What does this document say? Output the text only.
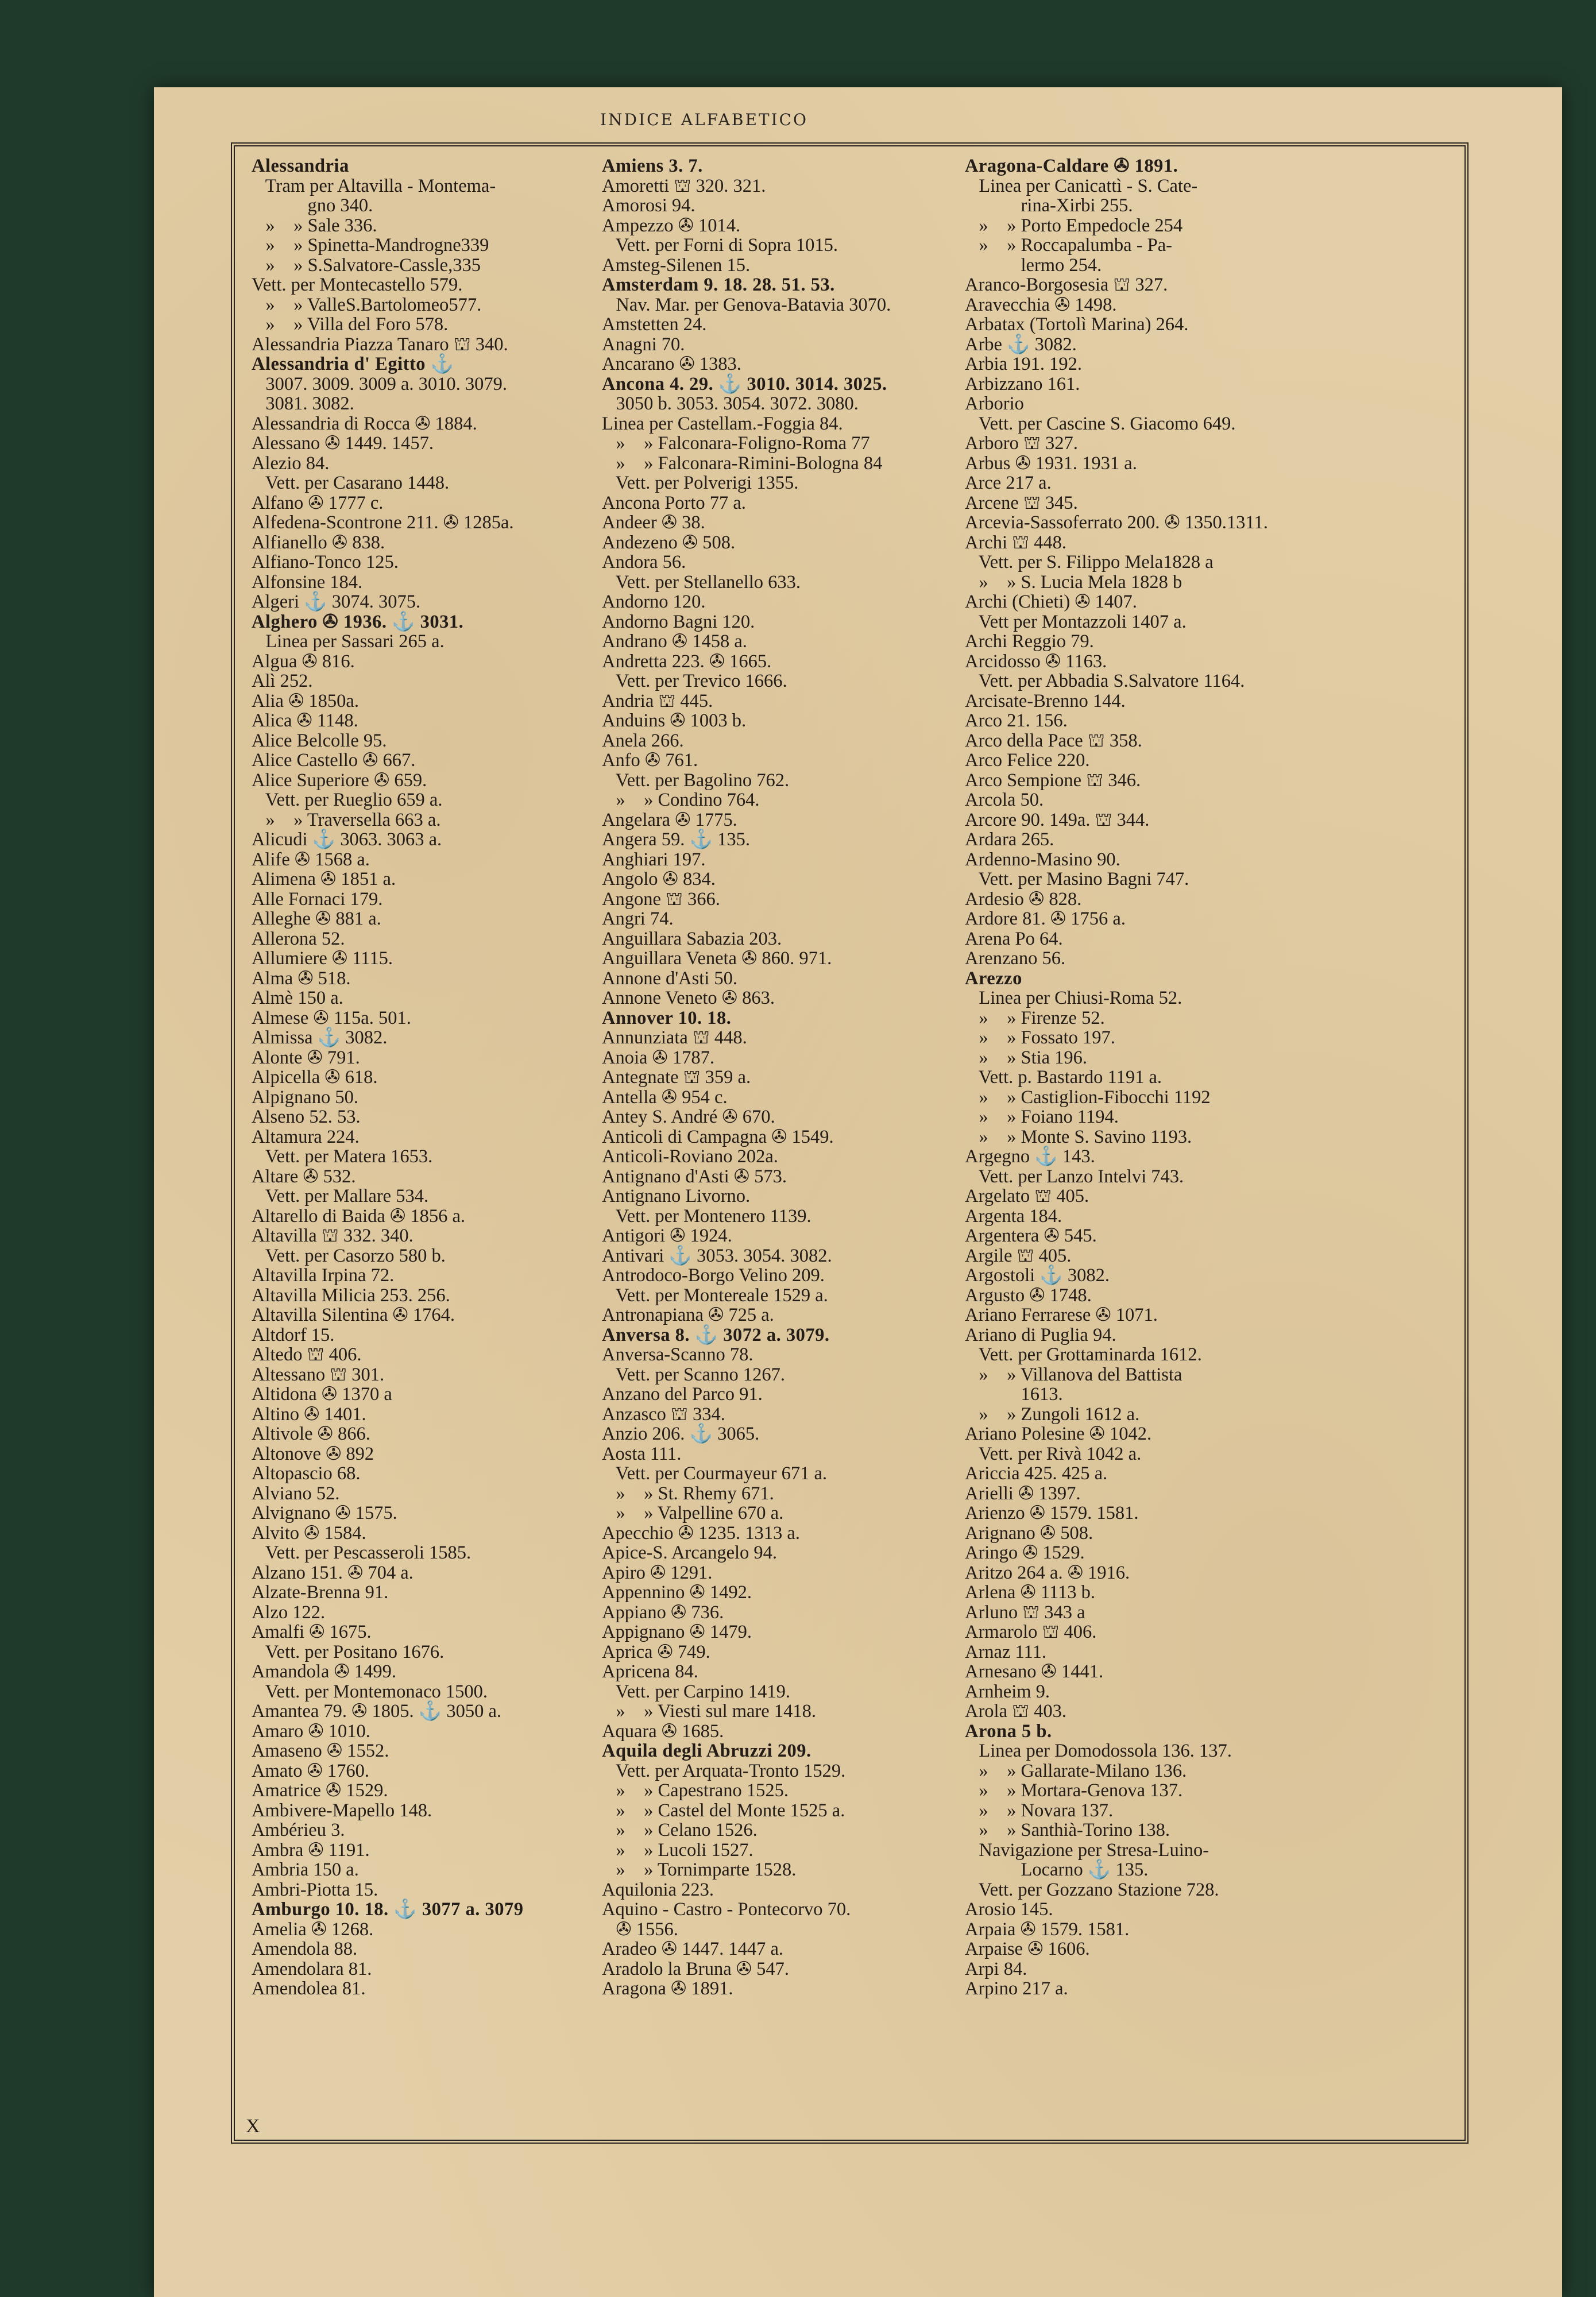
INDICE ALFABETICO
Alessandria
Tram per Altavilla - Montema-
gno 340.
»    » Sale 336.
»    » Spinetta-Mandrogne339
»    » S.Salvatore-Cassle,335
Vett. per Montecastello 579.
»    » ValleS.Bartolomeo577.
»    » Villa del Foro 578.
Alessandria Piazza Tanaro ⛫ 340.
Alessandria d' Egitto ⚓
3007. 3009. 3009 a. 3010. 3079.
3081. 3082.
Alessandria di Rocca ✇ 1884.
Alessano ✇ 1449. 1457.
Alezio 84.
Vett. per Casarano 1448.
Alfano ✇ 1777 c.
Alfedena-Scontrone 211. ✇ 1285a.
Alfianello ✇ 838.
Alfiano-Tonco 125.
Alfonsine 184.
Algeri ⚓ 3074. 3075.
Alghero ✇ 1936. ⚓ 3031.
Linea per Sassari 265 a.
Algua ✇ 816.
Alì 252.
Alia ✇ 1850a.
Alica ✇ 1148.
Alice Belcolle 95.
Alice Castello ✇ 667.
Alice Superiore ✇ 659.
Vett. per Rueglio 659 a.
»    » Traversella 663 a.
Alicudi ⚓ 3063. 3063 a.
Alife ✇ 1568 a.
Alimena ✇ 1851 a.
Alle Fornaci 179.
Alleghe ✇ 881 a.
Allerona 52.
Allumiere ✇ 1115.
Alma ✇ 518.
Almè 150 a.
Almese ✇ 115a. 501.
Almissa ⚓ 3082.
Alonte ✇ 791.
Alpicella ✇ 618.
Alpignano 50.
Alseno 52. 53.
Altamura 224.
Vett. per Matera 1653.
Altare ✇ 532.
Vett. per Mallare 534.
Altarello di Baida ✇ 1856 a.
Altavilla ⛫ 332. 340.
Vett. per Casorzo 580 b.
Altavilla Irpina 72.
Altavilla Milicia 253. 256.
Altavilla Silentina ✇ 1764.
Altdorf 15.
Altedo ⛫ 406.
Altessano ⛫ 301.
Altidona ✇ 1370 a
Altino ✇ 1401.
Altivole ✇ 866.
Altonove ✇ 892
Altopascio 68.
Alviano 52.
Alvignano ✇ 1575.
Alvito ✇ 1584.
Vett. per Pescasseroli 1585.
Alzano 151. ✇ 704 a.
Alzate-Brenna 91.
Alzo 122.
Amalfi ✇ 1675.
Vett. per Positano 1676.
Amandola ✇ 1499.
Vett. per Montemonaco 1500.
Amantea 79. ✇ 1805. ⚓ 3050 a.
Amaro ✇ 1010.
Amaseno ✇ 1552.
Amato ✇ 1760.
Amatrice ✇ 1529.
Ambivere-Mapello 148.
Ambérieu 3.
Ambra ✇ 1191.
Ambria 150 a.
Ambri-Piotta 15.
Amburgo 10. 18. ⚓ 3077 a. 3079
Amelia ✇ 1268.
Amendola 88.
Amendolara 81.
Amendolea 81.
Amiens 3. 7.
Amoretti ⛫ 320. 321.
Amorosi 94.
Ampezzo ✇ 1014.
Vett. per Forni di Sopra 1015.
Amsteg-Silenen 15.
Amsterdam 9. 18. 28. 51. 53.
Nav. Mar. per Genova-Batavia 3070.
Amstetten 24.
Anagni 70.
Ancarano ✇ 1383.
Ancona 4. 29. ⚓ 3010. 3014. 3025.
3050 b. 3053. 3054. 3072. 3080.
Linea per Castellam.-Foggia 84.
»    » Falconara-Foligno-Roma 77
»    » Falconara-Rimini-Bologna 84
Vett. per Polverigi 1355.
Ancona Porto 77 a.
Andeer ✇ 38.
Andezeno ✇ 508.
Andora 56.
Vett. per Stellanello 633.
Andorno 120.
Andorno Bagni 120.
Andrano ✇ 1458 a.
Andretta 223. ✇ 1665.
Vett. per Trevico 1666.
Andria ⛫ 445.
Anduins ✇ 1003 b.
Anela 266.
Anfo ✇ 761.
Vett. per Bagolino 762.
»    » Condino 764.
Angelara ✇ 1775.
Angera 59. ⚓ 135.
Anghiari 197.
Angolo ✇ 834.
Angone ⛫ 366.
Angri 74.
Anguillara Sabazia 203.
Anguillara Veneta ✇ 860. 971.
Annone d'Asti 50.
Annone Veneto ✇ 863.
Annover 10. 18.
Annunziata ⛫ 448.
Anoia ✇ 1787.
Antegnate ⛫ 359 a.
Antella ✇ 954 c.
Antey S. André ✇ 670.
Anticoli di Campagna ✇ 1549.
Anticoli-Roviano 202a.
Antignano d'Asti ✇ 573.
Antignano Livorno.
Vett. per Montenero 1139.
Antigori ✇ 1924.
Antivari ⚓ 3053. 3054. 3082.
Antrodoco-Borgo Velino 209.
Vett. per Montereale 1529 a.
Antronapiana ✇ 725 a.
Anversa 8. ⚓ 3072 a. 3079.
Anversa-Scanno 78.
Vett. per Scanno 1267.
Anzano del Parco 91.
Anzasco ⛫ 334.
Anzio 206. ⚓ 3065.
Aosta 111.
Vett. per Courmayeur 671 a.
»    » St. Rhemy 671.
»    » Valpelline 670 a.
Apecchio ✇ 1235. 1313 a.
Apice-S. Arcangelo 94.
Apiro ✇ 1291.
Appennino ✇ 1492.
Appiano ✇ 736.
Appignano ✇ 1479.
Aprica ✇ 749.
Apricena 84.
Vett. per Carpino 1419.
»    » Viesti sul mare 1418.
Aquara ✇ 1685.
Aquila degli Abruzzi 209.
Vett. per Arquata-Tronto 1529.
»    » Capestrano 1525.
»    » Castel del Monte 1525 a.
»    » Celano 1526.
»    » Lucoli 1527.
»    » Tornimparte 1528.
Aquilonia 223.
Aquino - Castro - Pontecorvo 70.
✇ 1556.
Aradeo ✇ 1447. 1447 a.
Aradolo la Bruna ✇ 547.
Aragona ✇ 1891.
Aragona-Caldare ✇ 1891.
Linea per Canicattì - S. Cate-
rina-Xirbi 255.
»    » Porto Empedocle 254
»    » Roccapalumba - Pa-
lermo 254.
Aranco-Borgosesia ⛫ 327.
Aravecchia ✇ 1498.
Arbatax (Tortolì Marina) 264.
Arbe ⚓ 3082.
Arbia 191. 192.
Arbizzano 161.
Arborio
Vett. per Cascine S. Giacomo 649.
Arboro ⛫ 327.
Arbus ✇ 1931. 1931 a.
Arce 217 a.
Arcene ⛫ 345.
Arcevia-Sassoferrato 200. ✇ 1350.1311.
Archi ⛫ 448.
Vett. per S. Filippo Mela1828 a
»    » S. Lucia Mela 1828 b
Archi (Chieti) ✇ 1407.
Vett per Montazzoli 1407 a.
Archi Reggio 79.
Arcidosso ✇ 1163.
Vett. per Abbadia S.Salvatore 1164.
Arcisate-Brenno 144.
Arco 21. 156.
Arco della Pace ⛫ 358.
Arco Felice 220.
Arco Sempione ⛫ 346.
Arcola 50.
Arcore 90. 149a. ⛫ 344.
Ardara 265.
Ardenno-Masino 90.
Vett. per Masino Bagni 747.
Ardesio ✇ 828.
Ardore 81. ✇ 1756 a.
Arena Po 64.
Arenzano 56.
Arezzo
Linea per Chiusi-Roma 52.
»    » Firenze 52.
»    » Fossato 197.
»    » Stia 196.
Vett. p. Bastardo 1191 a.
»    » Castiglion-Fibocchi 1192
»    » Foiano 1194.
»    » Monte S. Savino 1193.
Argegno ⚓ 143.
Vett. per Lanzo Intelvi 743.
Argelato ⛫ 405.
Argenta 184.
Argentera ✇ 545.
Argile ⛫ 405.
Argostoli ⚓ 3082.
Argusto ✇ 1748.
Ariano Ferrarese ✇ 1071.
Ariano di Puglia 94.
Vett. per Grottaminarda 1612.
»    » Villanova del Battista
1613.
»    » Zungoli 1612 a.
Ariano Polesine ✇ 1042.
Vett. per Rivà 1042 a.
Ariccia 425. 425 a.
Arielli ✇ 1397.
Arienzo ✇ 1579. 1581.
Arignano ✇ 508.
Aringo ✇ 1529.
Aritzo 264 a. ✇ 1916.
Arlena ✇ 1113 b.
Arluno ⛫ 343 a
Armarolo ⛫ 406.
Arnaz 111.
Arnesano ✇ 1441.
Arnheim 9.
Arola ⛫ 403.
Arona 5 b.
Linea per Domodossola 136. 137.
»    » Gallarate-Milano 136.
»    » Mortara-Genova 137.
»    » Novara 137.
»    » Santhià-Torino 138.
Navigazione per Stresa-Luino-
Locarno ⚓ 135.
Vett. per Gozzano Stazione 728.
Arosio 145.
Arpaia ✇ 1579. 1581.
Arpaise ✇ 1606.
Arpi 84.
Arpino 217 a.
X
